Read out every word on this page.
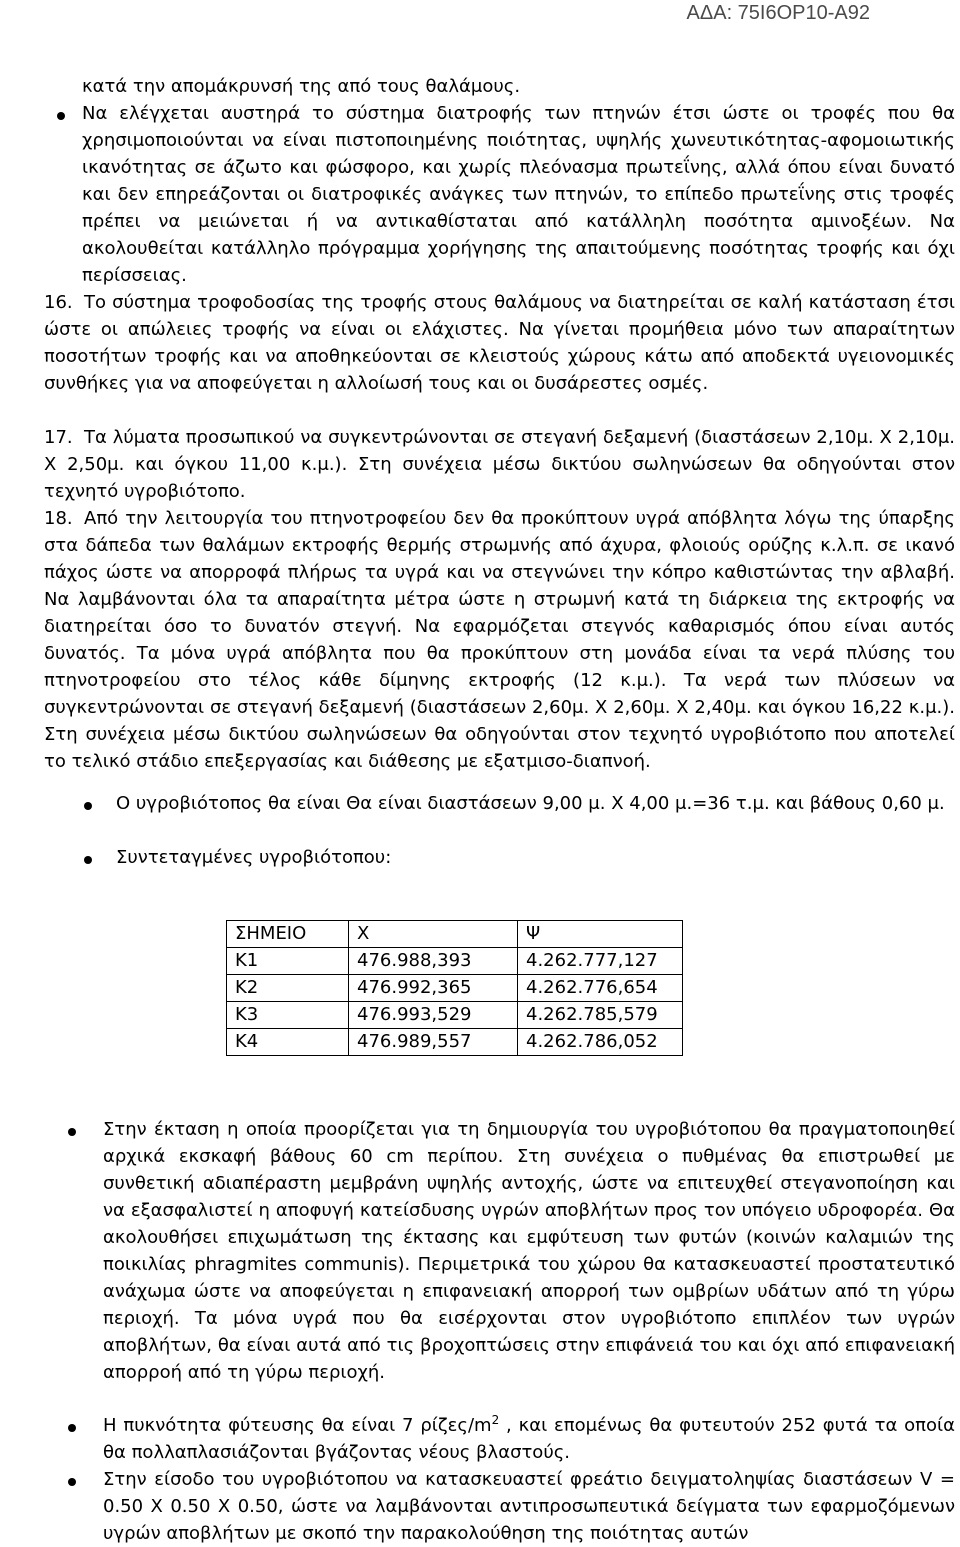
ΑΔΑ: 75Ι6ΟΡ10-Α92

κατά την απομάκρυνσή της από τους θαλάμους.

Να ελέγχεται αυστηρά το σύστημα διατροφής των πτηνών έτσι ώστε οι τροφές που θα χρησιμοποιούνται να είναι πιστοποιημένης ποιότητας, υψηλής χωνευτικότητας-αφομοιωτικής ικανότητας σε άζωτο και φώσφορο, και χωρίς πλεόνασμα πρωτεΐνης, αλλά όπου είναι δυνατό και δεν επηρεάζονται οι διατροφικές ανάγκες των πτηνών, το επίπεδο πρωτεΐνης στις τροφές πρέπει να μειώνεται ή να αντικαθίσταται από κατάλληλη ποσότητα αμινοξέων. Να ακολουθείται κατάλληλο πρόγραμμα χορήγησης της απαιτούμενης ποσότητας τροφής και όχι περίσσειας.

16. Το σύστημα τροφοδοσίας της τροφής στους θαλάμους να διατηρείται σε καλή κατάσταση έτσι ώστε οι απώλειες τροφής να είναι οι ελάχιστες. Να γίνεται προμήθεια μόνο των απαραίτητων ποσοτήτων τροφής και να αποθηκεύονται σε κλειστούς χώρους κάτω από αποδεκτά υγειονομικές συνθήκες για να αποφεύγεται η αλλοίωσή τους και οι δυσάρεστες οσμές.

17. Τα λύματα προσωπικού να συγκεντρώνονται σε στεγανή δεξαμενή (διαστάσεων 2,10μ. Χ 2,10μ. Χ 2,50μ. και όγκου 11,00 κ.μ.). Στη συνέχεια μέσω δικτύου σωληνώσεων θα οδηγούνται στον τεχνητό υγροβιότοπο.

18. Από την λειτουργία του πτηνοτροφείου δεν θα προκύπτουν υγρά απόβλητα λόγω της ύπαρξης στα δάπεδα των θαλάμων εκτροφής θερμής στρωμνής από άχυρα, φλοιούς ορύζης κ.λ.π. σε ικανό πάχος ώστε να απορροφά πλήρως τα υγρά και να στεγνώνει την κόπρο καθιστώντας την αβλαβή. Να λαμβάνονται όλα τα απαραίτητα μέτρα ώστε η στρωμνή κατά τη διάρκεια της εκτροφής να διατηρείται όσο το δυνατόν στεγνή. Να εφαρμόζεται στεγνός καθαρισμός όπου είναι αυτός δυνατός. Τα μόνα υγρά απόβλητα που θα προκύπτουν στη μονάδα είναι τα νερά πλύσης του πτηνοτροφείου στο τέλος κάθε δίμηνης εκτροφής (12 κ.μ.). Τα νερά των πλύσεων να συγκεντρώνονται σε στεγανή δεξαμενή (διαστάσεων 2,60μ. Χ 2,60μ. Χ 2,40μ. και όγκου 16,22 κ.μ.). Στη συνέχεια μέσω δικτύου σωληνώσεων θα οδηγούνται στον τεχνητό υγροβιότοπο που αποτελεί το τελικό στάδιο επεξεργασίας και διάθεσης με εξατμισο-διαπνοή.

Ο υγροβιότοπος θα είναι Θα είναι διαστάσεων 9,00 μ. Χ 4,00 μ.=36 τ.μ. και βάθους 0,60 μ.

Συντεταγμένες υγροβιότοπου:

ΣΗΜΕΙΟ	Χ	Ψ
Κ1	476.988,393	4.262.777,127
Κ2	476.992,365	4.262.776,654
Κ3	476.993,529	4.262.785,579
Κ4	476.989,557	4.262.786,052

Στην έκταση η οποία προορίζεται για τη δημιουργία του υγροβιότοπου θα πραγματοποιηθεί αρχικά εκσκαφή βάθους 60 cm περίπου. Στη συνέχεια ο πυθμένας θα επιστρωθεί με συνθετική αδιαπέραστη μεμβράνη υψηλής αντοχής, ώστε να επιτευχθεί στεγανοποίηση και να εξασφαλιστεί η αποφυγή κατείσδυσης υγρών αποβλήτων προς τον υπόγειο υδροφορέα. Θα ακολουθήσει επιχωμάτωση της έκτασης και εμφύτευση των φυτών (κοινών καλαμιών της ποικιλίας phragmites communis). Περιμετρικά του χώρου θα κατασκευαστεί προστατευτικό ανάχωμα ώστε να αποφεύγεται η επιφανειακή απορροή των ομβρίων υδάτων από τη γύρω περιοχή. Τα μόνα υγρά που θα εισέρχονται στον υγροβιότοπο επιπλέον των υγρών αποβλήτων, θα είναι αυτά από τις βροχοπτώσεις στην επιφάνειά του και όχι από επιφανειακή απορροή από τη γύρω περιοχή.

Η πυκνότητα φύτευσης θα είναι 7 ρίζες/$m^2$ , και επομένως θα φυτευτούν 252 φυτά τα οποία θα πολλαπλασιάζονται βγάζοντας νέους βλαστούς.

Στην είσοδο του υγροβιότοπου να κατασκευαστεί φρεάτιο δειγματοληψίας διαστάσεων V = 0.50 Χ 0.50 Χ 0.50, ώστε να λαμβάνονται αντιπροσωπευτικά δείγματα των εφαρμοζόμενων υγρών αποβλήτων με σκοπό την παρακολούθηση της ποιότητας αυτών
